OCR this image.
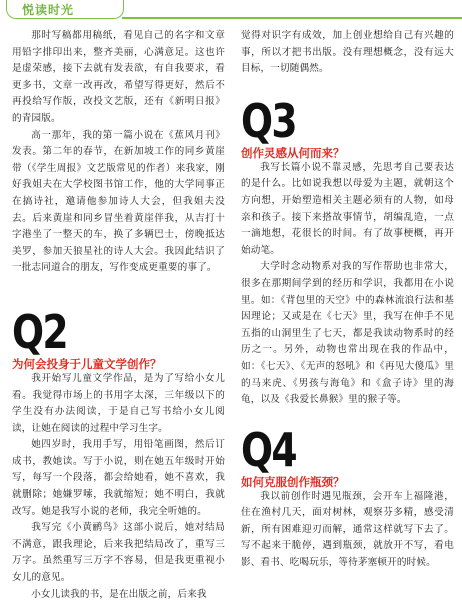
悦读时光

那时写稿都用稿纸，看见自己的名字和文章用铅字排印出来，整齐美丽，心满意足。这也许是虚荣感，接下去就有发表欲，有自我要求，看更多书，文章一改再改，希望写得更好，然后不再投给写作版，改投文艺版，还有《新明日报》的青园版。

高一那年，我的第一篇小说在《蕉风月刊》发表。第二年的春节，在新加坡工作的同乡黄崖带（《学生周报》文艺版常见的作者）来我家，刚好我姐夫在大学校图书馆工作，他的大学同事正在搞诗社，邀请他参加诗人大会，但我姐夫没去。后来黄崖和同乡冒坐着黄崖伴我，从吉打十字港坐了一整天的车，换了多辆巴士，傍晚抵达美罗，参加天狼星社的诗人大会。我因此结识了一批志同道合的朋友，写作变成更重要的事了。

Q2
为何会投身于儿童文学创作？

我开始写儿童文学作品，是为了写给小女儿看。我觉得市场上的书用字太深，三年级以下的学生没有办法阅读，于是自己写书给小女儿阅读，让她在阅读的过程中学习生字。

她四岁时，我用手写，用铅笔画图，然后订成书，教她读。写于小说，则在她五年级时开始写，每写一个段落，都会给她看，她不喜欢，我就删除；她嫌罗嗦，我就缩短；她不明白，我就改写。她是我写小说的老师，我完全听她的。

我写完《小黄鹂鸟》这部小说后，她对结局不满意，跟我理论，后来我把结局改了，重写三万字。虽然重写三万字不容易，但是我更重视小女儿的意见。

小女儿读我的书，是在出版之前，后来我

觉得对识字有成效，加上创业想给自己有兴趣的事，所以才把书出版。没有理想概念，没有远大目标，一切随偶然。

Q3
创作灵感从何而来？

我写长篇小说不靠灵感，先思考自己要表达的是什么。比如说我想以母爱为主题，就朝这个方向想，开始塑造相关主题必须有的人物，如母亲和孩子。接下来搭故事情节，胡编乱造，一点一滴地想，花很长的时间。有了故事梗概，再开始动笔。

大学时念动物系对我的写作帮助也非常大，很多在那期间学到的经历和学识，我都用在小说里。如：《背包里的天空》中的森林流浪行法和基因理论；又或是在《七天》里，我写在伸手不见五指的山洞里生了七天，都是我读动物系时的经历之一。另外，动物也常出现在我的作品中，如：《七天》、《无声的怒吼》和《再见大傻瓜》里的马来虎、《男孩与海龟》和《盒子诗》里的海龟，以及《我爱长鼻猴》里的猴子等。

Q4
如何克服创作瓶颈？

我以前创作时遇见瓶颈，会开车上福隆港，住在渔村几天，面对树林，观察芬多精，感受清新，所有困难迎刃而解，通常这样就写下去了。写不起来干脆停，遇到瓶颈，就放开不写，看电影、看书、吃喝玩乐，等待茅塞顿开的时候。
